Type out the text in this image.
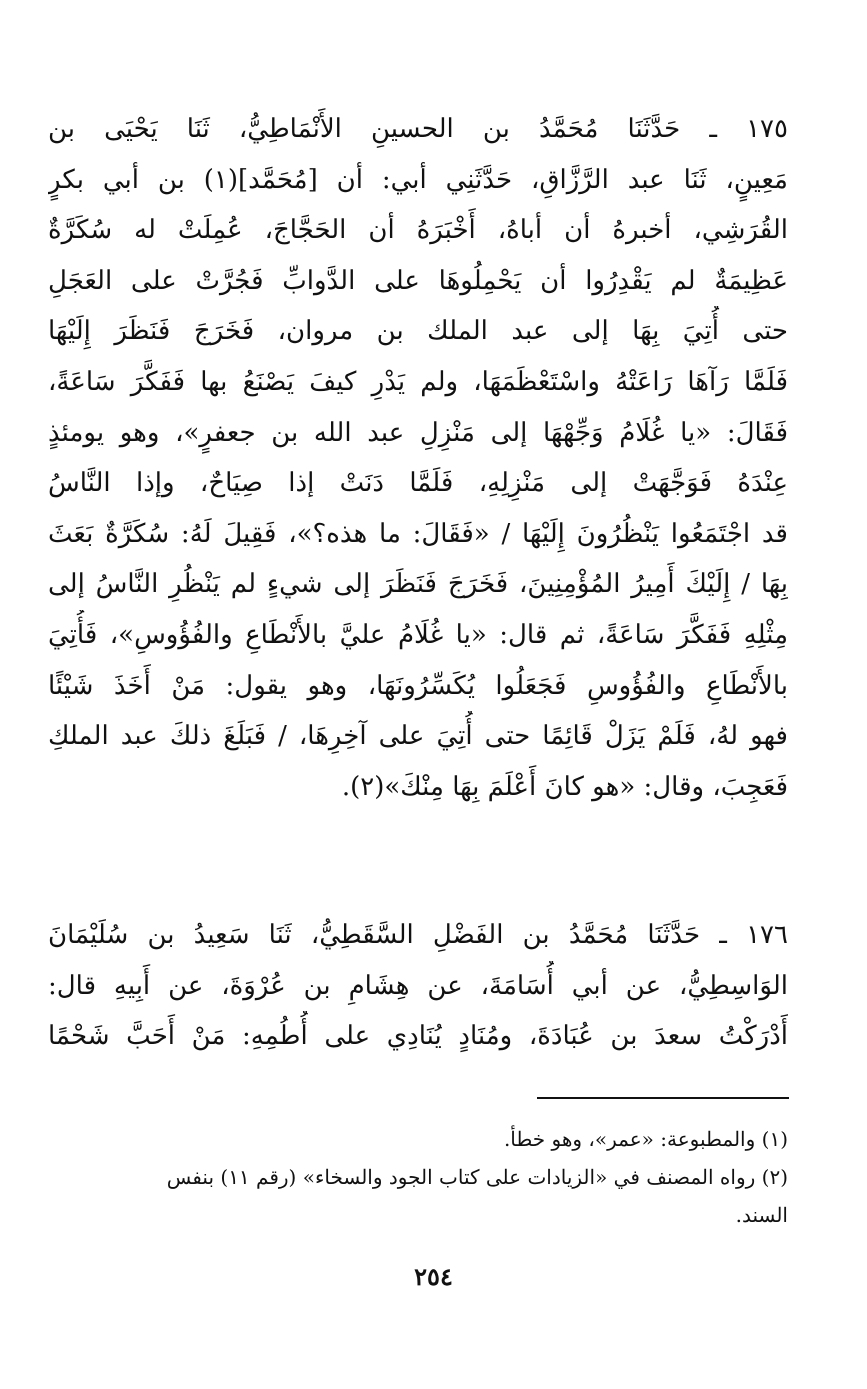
١٧٥ ـ حَدَّثَنَا مُحَمَّدُ بن الحسينِ الأَنْمَاطِيُّ، ثَنَا يَحْيَى بن
مَعِينٍ، ثَنَا عبد الرَّزَّاقِ، حَدَّثَنِي أبي: أن [مُحَمَّد](١) بن أبي بكرٍ
القُرَشِي، أخبرهُ أن أباهُ، أَخْبَرَهُ أن الحَجَّاجَ، عُمِلَتْ له سُكَرَّةٌ
عَظِيمَةٌ لم يَقْدِرُوا أن يَحْمِلُوهَا على الدَّوابِّ فَجُرَّتْ على العَجَلِ
حتى أُتِيَ بِهَا إلى عبد الملك بن مروان، فَخَرَجَ فَنَظَرَ إِلَيْهَا
فَلَمَّا رَآهَا رَاعَتْهُ واسْتَعْظَمَهَا، ولم يَدْرِ كيفَ يَصْنَعُ بها فَفَكَّرَ سَاعَةً،
فَقَالَ: «يا غُلَامُ وَجِّهْهَا إلى مَنْزِلِ عبد الله بن جعفرٍ»، وهو يومئذٍ
عِنْدَهُ فَوَجَّهَتْ إلى مَنْزِلِهِ، فَلَمَّا دَنَتْ إذا صِيَاحٌ، وإذا النَّاسُ
قد اجْتَمَعُوا يَنْظُرُونَ إِلَيْهَا / «فَقَالَ: ما هذه؟»، فَقِيلَ لَهُ: سُكَرَّةٌ بَعَثَ
بِهَا / إِلَيْكَ أَمِيرُ المُؤْمِنِينَ، فَخَرَجَ فَنَظَرَ إلى شيءٍ لم يَنْظُرِ النَّاسُ إلى
مِثْلِهِ فَفَكَّرَ سَاعَةً، ثم قال: «يا غُلَامُ عليَّ بالأَنْطَاعِ والفُؤُوسِ»، فَأُتِيَ
بالأَنْطَاعِ والفُؤُوسِ فَجَعَلُوا يُكَسِّرُونَهَا، وهو يقول: مَنْ أَخَذَ شَيْئًا
فهو لهُ، فَلَمْ يَزَلْ قَائِمًا حتى أُتِيَ على آخِرِهَا، / فَبَلَغَ ذلكَ عبد الملكِ
فَعَجِبَ، وقال: «هو كانَ أَعْلَمَ بِهَا مِنْكَ»(٢).
١٧٦ ـ حَدَّثَنَا مُحَمَّدُ بن الفَضْلِ السَّقَطِيُّ، ثَنَا سَعِيدُ بن سُلَيْمَانَ
الوَاسِطِيُّ، عن أبي أُسَامَةَ، عن هِشَامِ بن عُرْوَةَ، عن أَبِيهِ قال:
أَدْرَكْتُ سعدَ بن عُبَادَةَ، ومُنَادٍ يُنَادِي على أُطُمِهِ: مَنْ أَحَبَّ شَحْمًا
(١) والمطبوعة: «عمر»، وهو خطأ.
(٢) رواه المصنف في «الزيادات على كتاب الجود والسخاء» (رقم ١١) بنفس
السند.
٢٥٤
